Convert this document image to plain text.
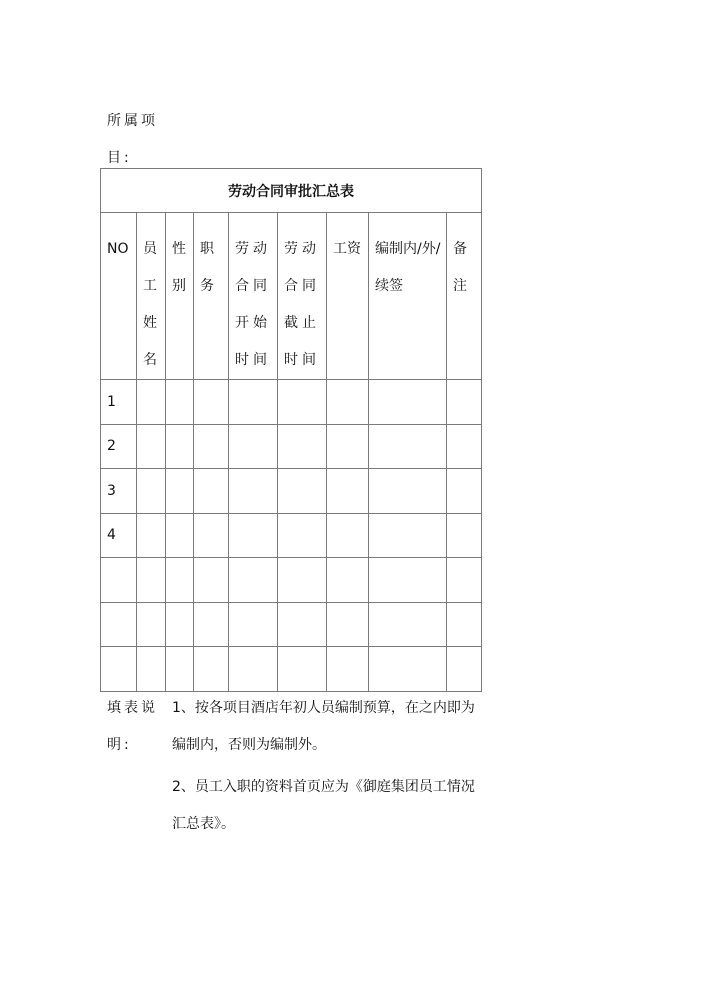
所属项目:
劳动合同审批汇总表								

NO	员工姓名	性别	职务	劳动合同开始时间	劳动合同截止时间	工资	编制内/外/续签	备注

1								
2								
3								
4								

填表说明:
1、按各项目酒店年初人员编制预算，在之内即为编制内，否则为编制外。
2、员工入职的资料首页应为《御庭集团员工情况汇总表》。
